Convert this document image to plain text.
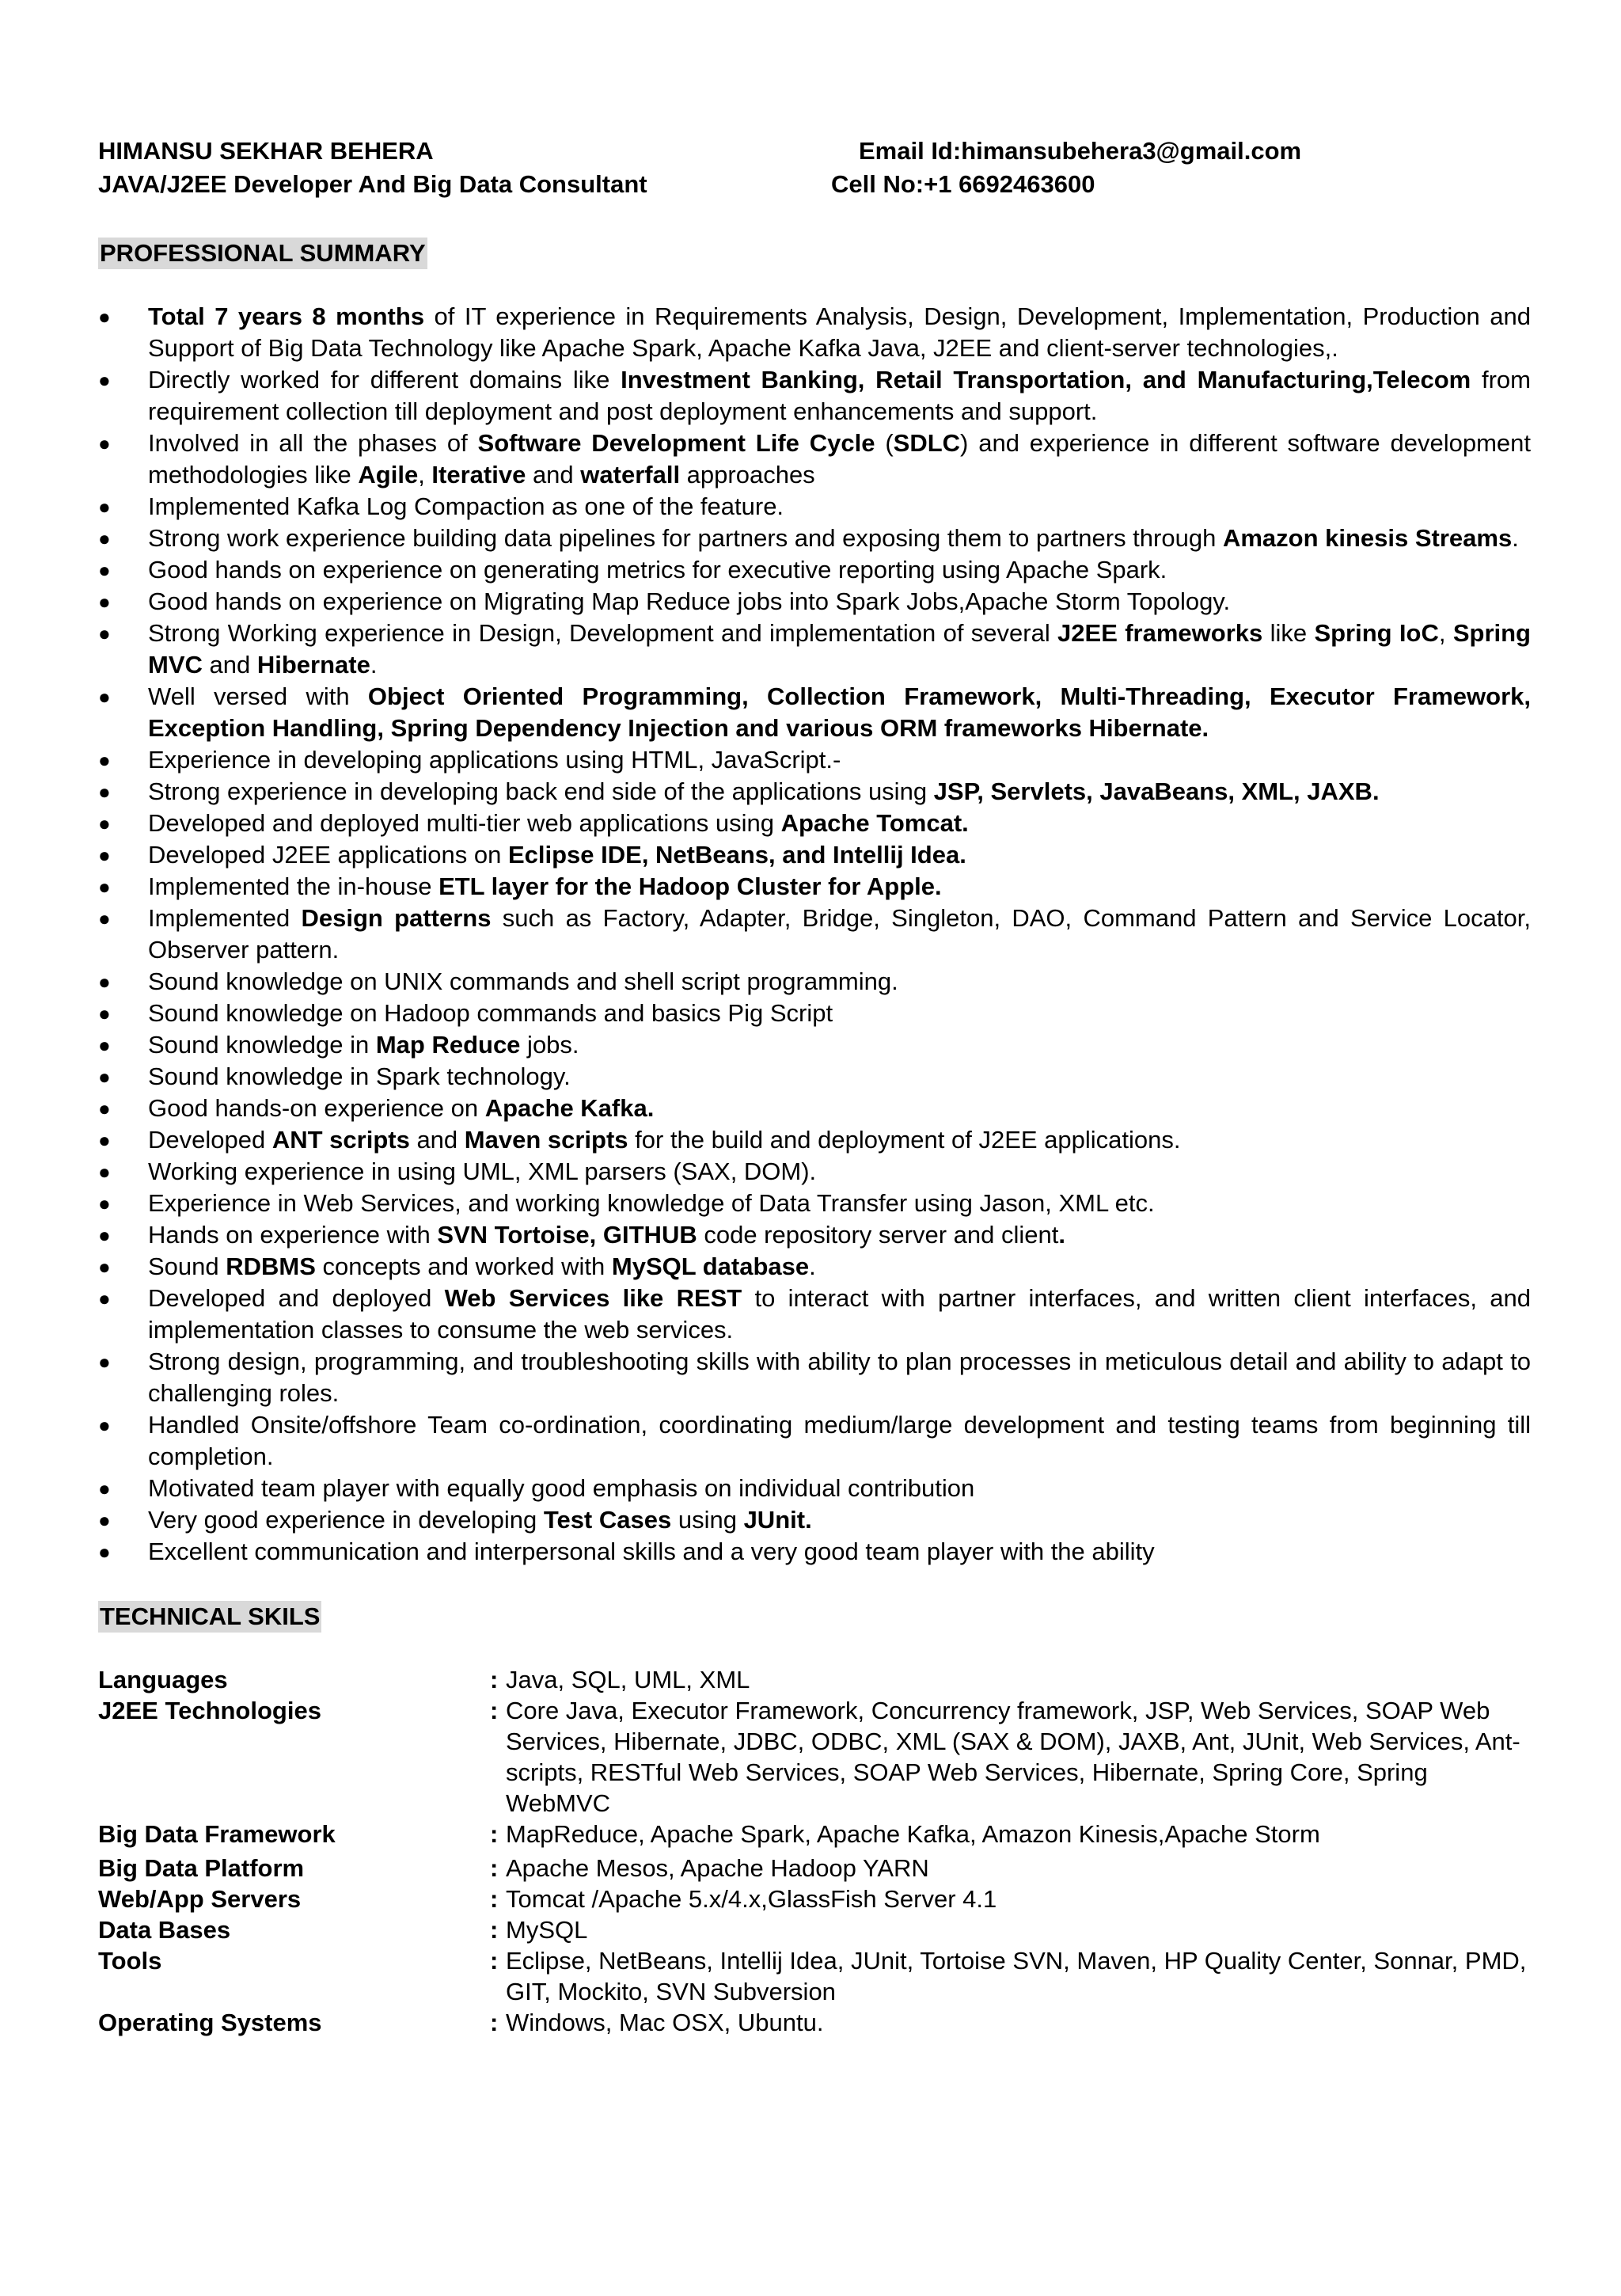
HIMANSU SEKHAR BEHERA	Email Id:himansubehera3@gmail.com
JAVA/J2EE Developer And Big Data Consultant	Cell No:+1 6692463600
PROFESSIONAL SUMMARY
● Total 7 years 8 months of IT experience in Requirements Analysis, Design, Development, Implementation, Production and Support of Big Data Technology like Apache Spark, Apache Kafka Java, J2EE and client-server technologies,.
● Directly worked for different domains like Investment Banking, Retail Transportation, and Manufacturing,Telecom from requirement collection till deployment and post deployment enhancements and support.
● Involved in all the phases of Software Development Life Cycle (SDLC) and experience in different software development methodologies like Agile, Iterative and waterfall approaches
● Implemented Kafka Log Compaction as one of the feature.
● Strong work experience building data pipelines for partners and exposing them to partners through Amazon kinesis Streams.
● Good hands on experience on generating metrics for executive reporting using Apache Spark.
● Good hands on experience on Migrating Map Reduce jobs into Spark Jobs,Apache Storm Topology.
● Strong Working experience in Design, Development and implementation of several J2EE frameworks like Spring IoC, Spring MVC and Hibernate.
● Well versed with Object Oriented Programming, Collection Framework, Multi-Threading, Executor Framework, Exception Handling, Spring Dependency Injection and various ORM frameworks Hibernate.
● Experience in developing applications using HTML, JavaScript.-
● Strong experience in developing back end side of the applications using JSP, Servlets, JavaBeans, XML, JAXB.
● Developed and deployed multi-tier web applications using Apache Tomcat.
● Developed J2EE applications on Eclipse IDE, NetBeans, and Intellij Idea.
● Implemented the in-house ETL layer for the Hadoop Cluster for Apple.
● Implemented Design patterns such as Factory, Adapter, Bridge, Singleton, DAO, Command Pattern and Service Locator, Observer pattern.
● Sound knowledge on UNIX commands and shell script programming.
● Sound knowledge on Hadoop commands and basics Pig Script
● Sound knowledge in Map Reduce jobs.
● Sound knowledge in Spark technology.
● Good hands-on experience on Apache Kafka.
● Developed ANT scripts and Maven scripts for the build and deployment of J2EE applications.
● Working experience in using UML, XML parsers (SAX, DOM).
● Experience in Web Services, and working knowledge of Data Transfer using Jason, XML etc.
● Hands on experience with SVN Tortoise, GITHUB code repository server and client.
● Sound RDBMS concepts and worked with MySQL database.
● Developed and deployed Web Services like REST to interact with partner interfaces, and written client interfaces, and implementation classes to consume the web services.
● Strong design, programming, and troubleshooting skills with ability to plan processes in meticulous detail and ability to adapt to challenging roles.
● Handled Onsite/offshore Team co-ordination, coordinating medium/large development and testing teams from beginning till completion.
● Motivated team player with equally good emphasis on individual contribution
● Very good experience in developing Test Cases using JUnit.
● Excellent communication and interpersonal skills and a very good team player with the ability
TECHNICAL SKILS
Languages	:	Java, SQL, UML, XML
J2EE Technologies	:	Core Java, Executor Framework, Concurrency framework, JSP, Web Services, SOAP Web Services, Hibernate, JDBC, ODBC, XML (SAX & DOM), JAXB, Ant, JUnit, Web Services, Ant-scripts, RESTful Web Services, SOAP Web Services, Hibernate, Spring Core, Spring WebMVC
Big Data Framework	:	MapReduce, Apache Spark, Apache Kafka, Amazon Kinesis,Apache Storm
Big Data Platform	:	Apache Mesos, Apache Hadoop YARN
Web/App Servers	:	Tomcat /Apache 5.x/4.x,GlassFish Server 4.1
Data Bases	:	MySQL
Tools	:	Eclipse, NetBeans, Intellij Idea, JUnit, Tortoise SVN, Maven, HP Quality Center, Sonnar, PMD, GIT, Mockito, SVN Subversion
Operating Systems	:	Windows, Mac OSX, Ubuntu.
